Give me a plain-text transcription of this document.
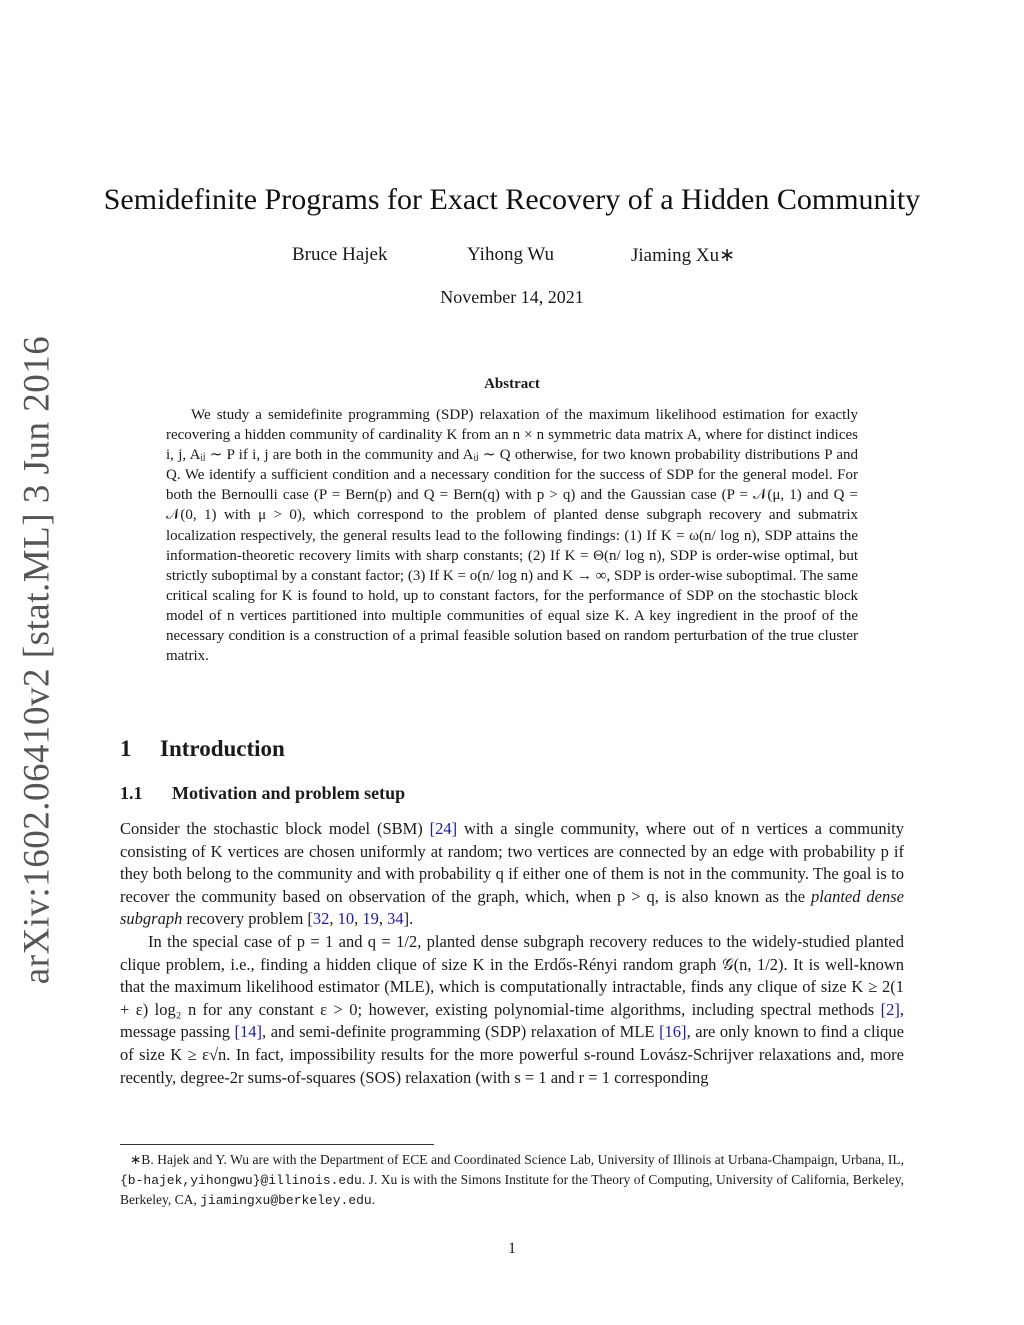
arXiv:1602.06410v2 [stat.ML] 3 Jun 2016
Semidefinite Programs for Exact Recovery of a Hidden Community
Bruce Hajek	Yihong Wu	Jiaming Xu∗
November 14, 2021
Abstract
We study a semidefinite programming (SDP) relaxation of the maximum likelihood estimation for exactly recovering a hidden community of cardinality K from an n × n symmetric data matrix A, where for distinct indices i, j, Aᵢⱼ ∼ P if i, j are both in the community and Aᵢⱼ ∼ Q otherwise, for two known probability distributions P and Q. We identify a sufficient condition and a necessary condition for the success of SDP for the general model. For both the Bernoulli case (P = Bern(p) and Q = Bern(q) with p > q) and the Gaussian case (P = 𝒩(μ, 1) and Q = 𝒩(0, 1) with μ > 0), which correspond to the problem of planted dense subgraph recovery and submatrix localization respectively, the general results lead to the following findings: (1) If K = ω(n/ log n), SDP attains the information-theoretic recovery limits with sharp constants; (2) If K = Θ(n/ log n), SDP is order-wise optimal, but strictly suboptimal by a constant factor; (3) If K = o(n/ log n) and K → ∞, SDP is order-wise suboptimal. The same critical scaling for K is found to hold, up to constant factors, for the performance of SDP on the stochastic block model of n vertices partitioned into multiple communities of equal size K. A key ingredient in the proof of the necessary condition is a construction of a primal feasible solution based on random perturbation of the true cluster matrix.
1 Introduction
1.1 Motivation and problem setup

Consider the stochastic block model (SBM) [24] with a single community, where out of n vertices a community consisting of K vertices are chosen uniformly at random; two vertices are connected by an edge with probability p if they both belong to the community and with probability q if either one of them is not in the community. The goal is to recover the community based on observation of the graph, which, when p > q, is also known as the planted dense subgraph recovery problem [32, 10, 19, 34].

In the special case of p = 1 and q = 1/2, planted dense subgraph recovery reduces to the widely-studied planted clique problem, i.e., finding a hidden clique of size K in the Erdős-Rényi random graph 𝒢(n, 1/2). It is well-known that the maximum likelihood estimator (MLE), which is computationally intractable, finds any clique of size K ≥ 2(1 + ε) log₂ n for any constant ε > 0; however, existing polynomial-time algorithms, including spectral methods [2], message passing [14], and semi-definite programming (SDP) relaxation of MLE [16], are only known to find a clique of size K ≥ ε√n. In fact, impossibility results for the more powerful s-round Lovász-Schrijver relaxations and, more recently, degree-2r sums-of-squares (SOS) relaxation (with s = 1 and r = 1 corresponding

∗B. Hajek and Y. Wu are with the Department of ECE and Coordinated Science Lab, University of Illinois at Urbana-Champaign, Urbana, IL, {b-hajek,yihongwu}@illinois.edu. J. Xu is with the Simons Institute for the Theory of Computing, University of California, Berkeley, Berkeley, CA, jiamingxu@berkeley.edu.
1
